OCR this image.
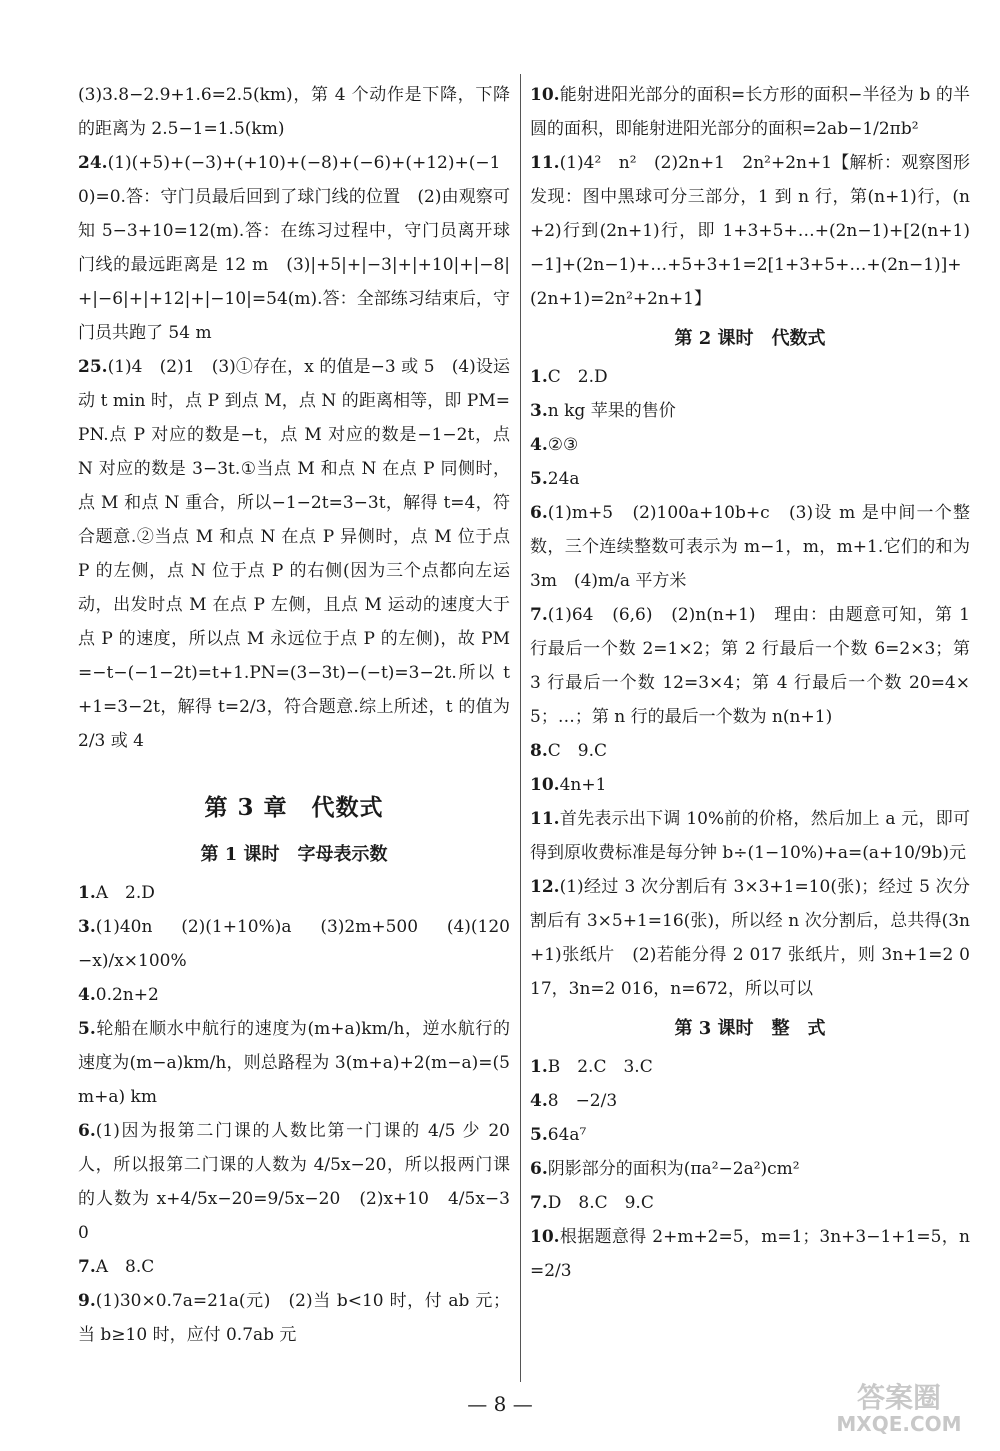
(3)3.8−2.9+1.6=2.5(km)，第 4 个动作是下降，下降的距离为 2.5−1=1.5(km)

24.(1)(+5)+(−3)+(+10)+(−8)+(−6)+(+12)+(−10)=0.答：守门员最后回到了球门线的位置　(2)由观察可知 5−3+10=12(m).答：在练习过程中，守门员离开球门线的最远距离是 12 m　(3)|+5|+|−3|+|+10|+|−8|+|−6|+|+12|+|−10|=54(m).答：全部练习结束后，守门员共跑了 54 m

25.(1)4　(2)1　(3)①存在，x 的值是−3 或 5　(4)设运动 t min 时，点 P 到点 M，点 N 的距离相等，即 PM=PN.点 P 对应的数是−t，点 M 对应的数是−1−2t，点 N 对应的数是 3−3t.①当点 M 和点 N 在点 P 同侧时，点 M 和点 N 重合，所以−1−2t=3−3t，解得 t=4，符合题意.②当点 M 和点 N 在点 P 异侧时，点 M 位于点 P 的左侧，点 N 位于点 P 的右侧(因为三个点都向左运动，出发时点 M 在点 P 左侧，且点 M 运动的速度大于点 P 的速度，所以点 M 永远位于点 P 的左侧)，故 PM=−t−(−1−2t)=t+1.PN=(3−3t)−(−t)=3−2t.所以 t+1=3−2t，解得 t=2/3，符合题意.综上所述，t 的值为 2/3 或 4

第 3 章　代数式
第 1 课时　字母表示数

1.A　2.D

3.(1)40n　(2)(1+10%)a　(3)2m+500　(4)(120−x)/x×100%

4.0.2n+2

5.轮船在顺水中航行的速度为(m+a)km/h，逆水航行的速度为(m−a)km/h，则总路程为 3(m+a)+2(m−a)=(5m+a) km

6.(1)因为报第二门课的人数比第一门课的 4/5 少 20 人，所以报第二门课的人数为 4/5x−20，所以报两门课的人数为 x+4/5x−20=9/5x−20　(2)x+10　4/5x−30

7.A　8.C

9.(1)30×0.7a=21a(元)　(2)当 b<10 时，付 ab 元；当 b≥10 时，应付 0.7ab 元

10.能射进阳光部分的面积=长方形的面积−半径为 b 的半圆的面积，即能射进阳光部分的面积=2ab−1/2πb²

11.(1)4²　n²　(2)2n+1　2n²+2n+1【解析：观察图形发现：图中黑球可分三部分，1 到 n 行，第(n+1)行，(n+2)行到(2n+1)行，即 1+3+5+…+(2n−1)+[2(n+1)−1]+(2n−1)+…+5+3+1=2[1+3+5+…+(2n−1)]+(2n+1)=2n²+2n+1】

第 2 课时　代数式

1.C　2.D

3.n kg 苹果的售价

4.②③

5.24a

6.(1)m+5　(2)100a+10b+c　(3)设 m 是中间一个整数，三个连续整数可表示为 m−1，m，m+1.它们的和为 3m　(4)m/a 平方米

7.(1)64　(6,6)　(2)n(n+1)　理由：由题意可知，第 1 行最后一个数 2=1×2；第 2 行最后一个数 6=2×3；第 3 行最后一个数 12=3×4；第 4 行最后一个数 20=4×5；…；第 n 行的最后一个数为 n(n+1)

8.C　9.C

10.4n+1

11.首先表示出下调 10%前的价格，然后加上 a 元，即可得到原收费标准是每分钟 b÷(1−10%)+a=(a+10/9b)元

12.(1)经过 3 次分割后有 3×3+1=10(张)；经过 5 次分割后有 3×5+1=16(张)，所以经 n 次分割后，总共得(3n+1)张纸片　(2)若能分得 2 017 张纸片，则 3n+1=2 017，3n=2 016，n=672，所以可以

第 3 课时　整　式

1.B　2.C　3.C

4.8　−2/3

5.64a⁷

6.阴影部分的面积为(πa²−2a²)cm²

7.D　8.C　9.C

10.根据题意得 2+m+2=5，m=1；3n+3−1+1=5，n=2/3

— 8 —	答案圈
MXQE.COM
